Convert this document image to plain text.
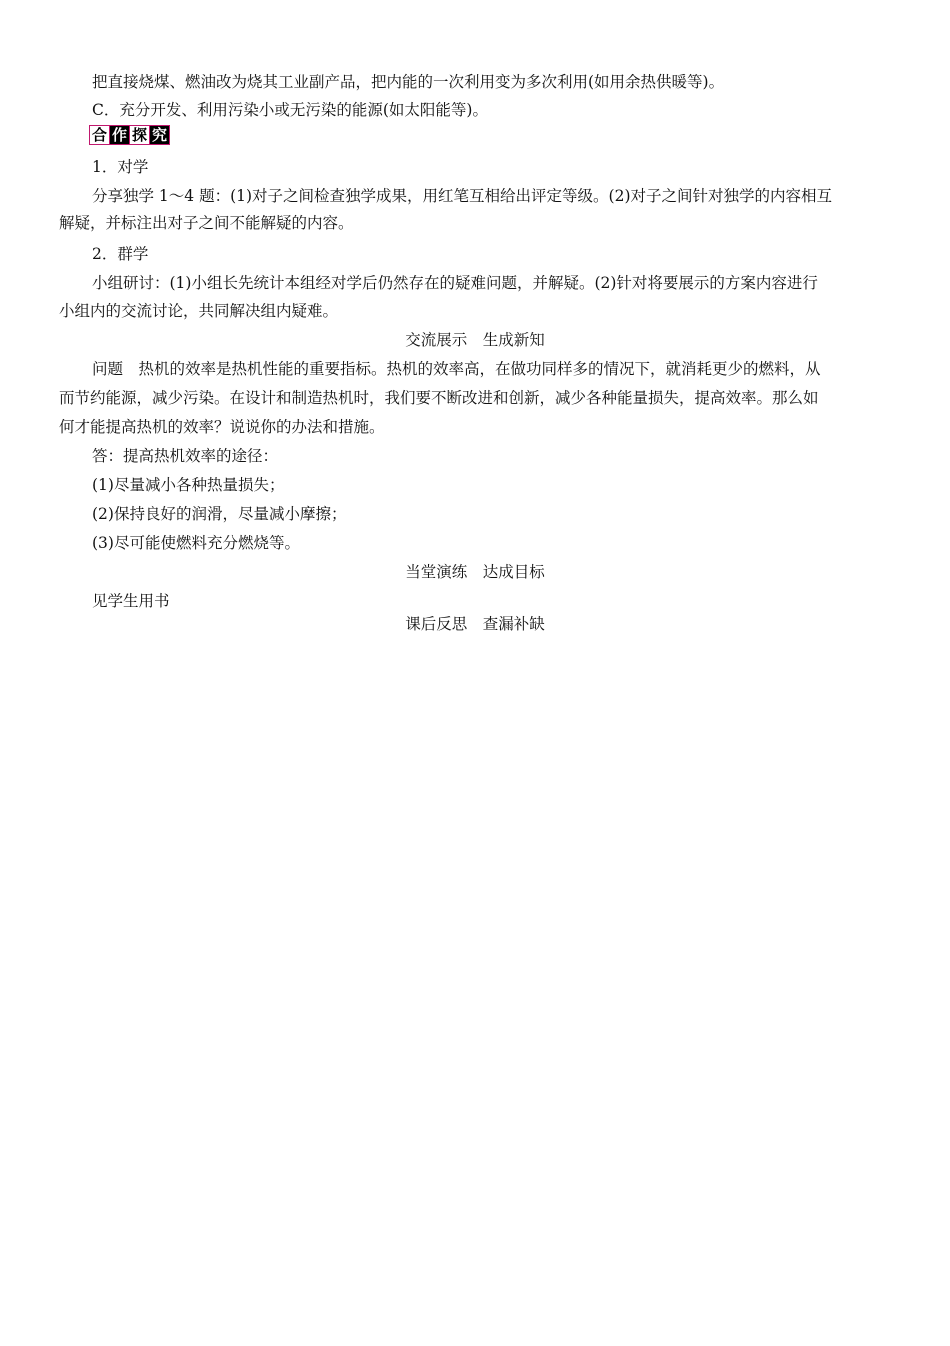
把直接烧煤、燃油改为烧其工业副产品，把内能的一次利用变为多次利用(如用余热供暖等)。
C．充分开发、利用污染小或无污染的能源(如太阳能等)。
合 作 探 究
1．对学
分享独学 1～4 题：(1)对子之间检查独学成果，用红笔互相给出评定等级。(2)对子之间针对独学的内容相互
解疑，并标注出对子之间不能解疑的内容。
2．群学
小组研讨：(1)小组长先统计本组经对学后仍然存在的疑难问题，并解疑。(2)针对将要展示的方案内容进行
小组内的交流讨论，共同解决组内疑难。
交流展示　生成新知
问题　热机的效率是热机性能的重要指标。热机的效率高，在做功同样多的情况下，就消耗更少的燃料，从
而节约能源，减少污染。在设计和制造热机时，我们要不断改进和创新，减少各种能量损失，提高效率。那么如
何才能提高热机的效率？说说你的办法和措施。
答：提高热机效率的途径：
(1)尽量减小各种热量损失；
(2)保持良好的润滑，尽量减小摩擦；
(3)尽可能使燃料充分燃烧等。
当堂演练　达成目标
见学生用书
课后反思　查漏补缺
